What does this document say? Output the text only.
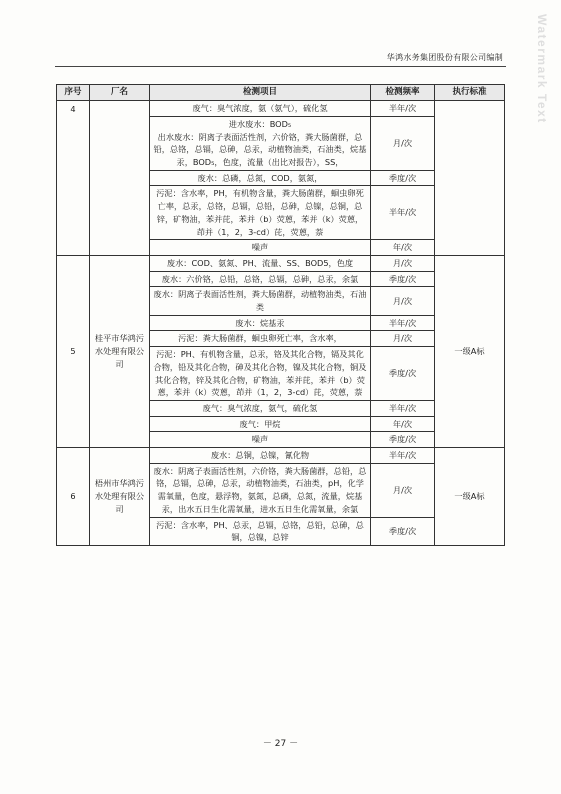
Watermark Text
华鸿水务集团股份有限公司编制
序号	厂名	检测项目	检测频率	执行标准
4		废气：臭气浓度，氨（氨气），硫化氢	半年/次	
		进水废水：BOD₅
出水废水：阴离子表面活性剂，六价铬，粪大肠菌群，总铅，总铬，总镉，总砷，总汞，动植物油类，石油类，烷基汞，BOD₅，色度，流量（出比对报告），SS，	月/次	
		废水：总磷，总氮，COD，氨氮，	季度/次	
		污泥：含水率，PH，有机物含量，粪大肠菌群，蛔虫卵死亡率，总汞，总铬，总镉，总铅，总砷，总镍，总铜，总锌，矿物油，苯并芘，苯并（b）荧蒽，苯并（k）荧蒽，茚并（1，2，3-cd）芘，荧蒽，萘	半年/次	
		噪声	年/次	
5	桂平市华鸿污水处理有限公司	废水：COD、氨氮、PH、流量、SS、BOD5，色度	月/次	一级A标
		废水：六价铬，总铅，总铬，总镉，总砷，总汞，余氯	季度/次	
		废水：阴离子表面活性剂，粪大肠菌群，动植物油类，石油类	月/次	
		废水：烷基汞	半年/次	
		污泥：粪大肠菌群，蛔虫卵死亡率，含水率，	月/次	
		污泥：PH、有机物含量，总汞，铬及其化合物，镉及其化合物，铅及其化合物，砷及其化合物，镍及其化合物，铜及其化合物，锌及其化合物，矿物油，苯并芘，苯并（b）荧蒽，苯并（k）荧蒽，茚并（1，2，3-cd）芘，荧蒽，萘	季度/次	
		废气：臭气浓度，氨气，硫化氢	半年/次	
		废气：甲烷	年/次	
		噪声	季度/次	
6	梧州市华鸿污水处理有限公司	废水：总铜，总镍，氰化物	半年/次	一级A标
		废水：阴离子表面活性剂，六价铬，粪大肠菌群，总铅，总铬，总镉，总砷，总汞，动植物油类，石油类，pH，化学需氧量，色度，悬浮物，氨氮，总磷，总氮，流量，烷基汞，出水五日生化需氧量，进水五日生化需氧量，余氯	月/次	
		污泥：含水率，PH、总汞，总镉，总铬，总铅，总砷，总铜，总镍，总锌	季度/次	
－ 27 －
